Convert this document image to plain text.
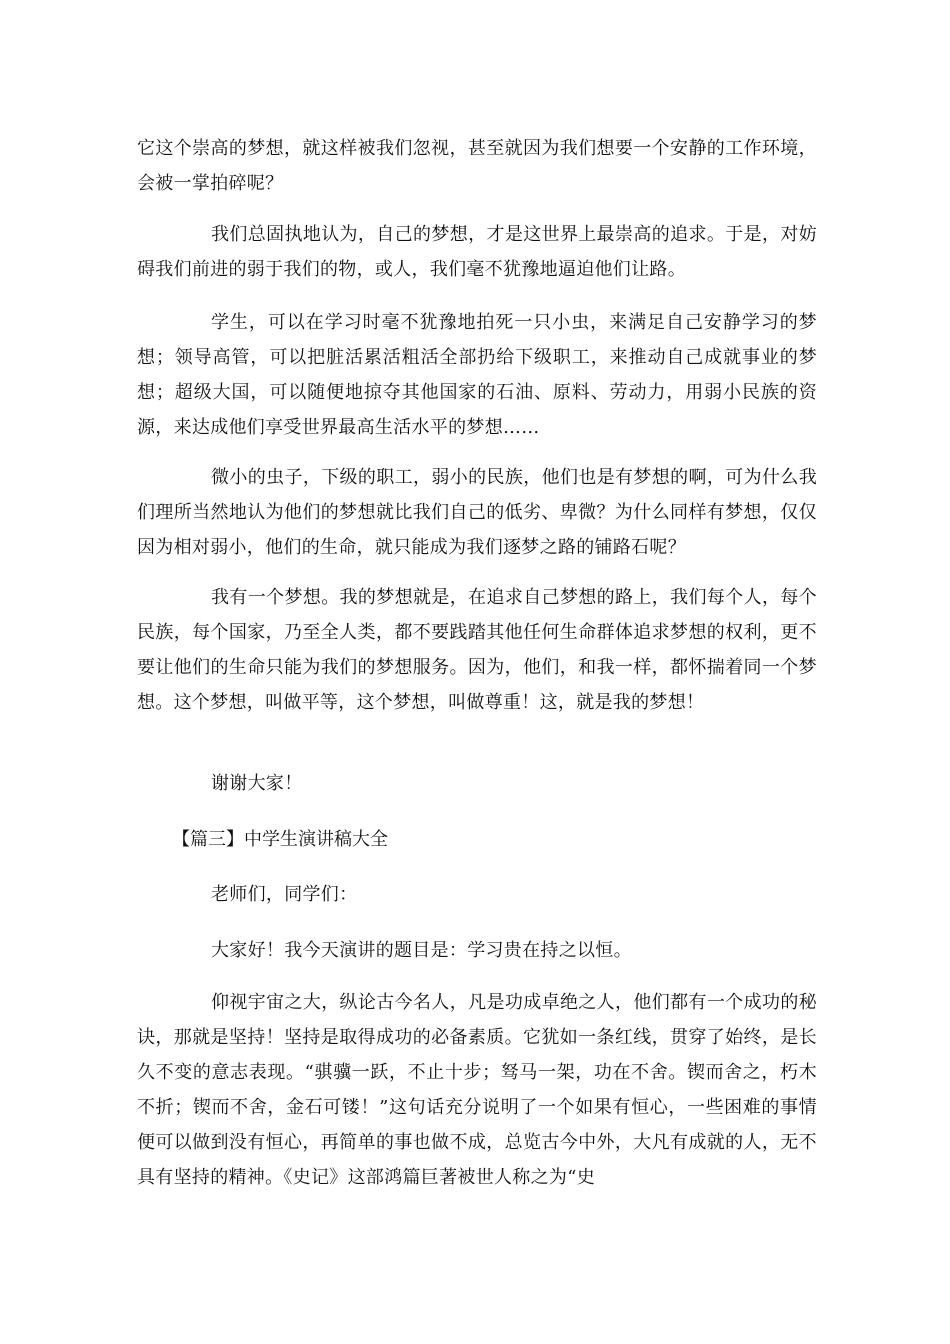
它这个崇高的梦想，就这样被我们忽视，甚至就因为我们想要一个安静的工作环境，会被一掌拍碎呢？

我们总固执地认为，自己的梦想，才是这世界上最崇高的追求。于是，对妨碍我们前进的弱于我们的物，或人，我们毫不犹豫地逼迫他们让路。

学生，可以在学习时毫不犹豫地拍死一只小虫，来满足自己安静学习的梦想；领导高管，可以把脏活累活粗活全部扔给下级职工，来推动自己成就事业的梦想；超级大国，可以随便地掠夺其他国家的石油、原料、劳动力，用弱小民族的资源，来达成他们享受世界最高生活水平的梦想……

微小的虫子，下级的职工，弱小的民族，他们也是有梦想的啊，可为什么我们理所当然地认为他们的梦想就比我们自己的低劣、卑微？为什么同样有梦想，仅仅因为相对弱小，他们的生命，就只能成为我们逐梦之路的铺路石呢？

我有一个梦想。我的梦想就是，在追求自己梦想的路上，我们每个人，每个民族，每个国家，乃至全人类，都不要践踏其他任何生命群体追求梦想的权利，更不要让他们的生命只能为我们的梦想服务。因为，他们，和我一样，都怀揣着同一个梦想。这个梦想，叫做平等，这个梦想，叫做尊重！这，就是我的梦想！

谢谢大家！

【篇三】中学生演讲稿大全

老师们，同学们：

大家好！我今天演讲的题目是：学习贵在持之以恒。

仰视宇宙之大，纵论古今名人，凡是功成卓绝之人，他们都有一个成功的秘诀，那就是坚持！坚持是取得成功的必备素质。它犹如一条红线，贯穿了始终，是长久不变的意志表现。“骐骥一跃，不止十步；驽马一架，功在不舍。锲而舍之，朽木不折；锲而不舍，金石可镂！”这句话充分说明了一个如果有恒心，一些困难的事情便可以做到没有恒心，再简单的事也做不成，总览古今中外，大凡有成就的人，无不具有坚持的精神。《史记》这部鸿篇巨著被世人称之为“史
